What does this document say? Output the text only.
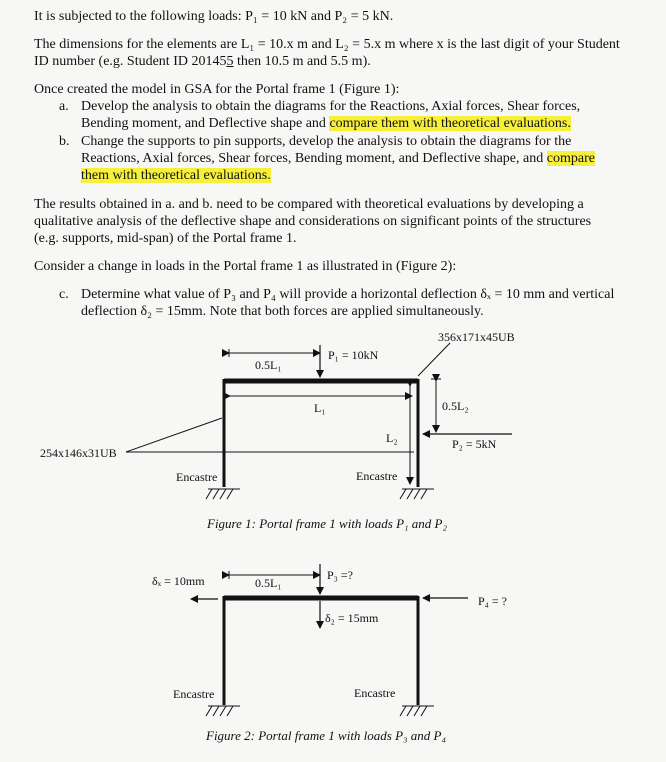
It is subjected to the following loads: P₁ = 10 kN and P₂ = 5 kN.
The dimensions for the elements are L₁ = 10.x m and L₂ = 5.x m where x is the last digit of your Student
ID number (e.g. Student ID 201455 then 10.5 m and 5.5 m).
Once created the model in GSA for the Portal frame 1 (Figure 1):
a. Develop the analysis to obtain the diagrams for the Reactions, Axial forces, Shear forces,
Bending moment, and Deflective shape and compare them with theoretical evaluations.
b. Change the supports to pin supports, develop the analysis to obtain the diagrams for the
Reactions, Axial forces, Shear forces, Bending moment, and Deflective shape, and compare
them with theoretical evaluations.
The results obtained in a. and b. need to be compared with theoretical evaluations by developing a
qualitative analysis of the deflective shape and considerations on significant points of the structures
(e.g. supports, mid-span) of the Portal frame 1.
Consider a change in loads in the Portal frame 1 as illustrated in (Figure 2):
c. Determine what value of P₃ and P₄ will provide a horizontal deflection δₓ = 10 mm and vertical
deflection δ₂ = 15mm. Note that both forces are applied simultaneously.
356x171x45UB
0.5L₁
P₁ = 10kN
L₁	0.5L₂
L₂	P₂ = 5kN
254x146x31UB
Encastre	Encastre
Figure 1: Portal frame 1 with loads P₁ and P₂
δₓ = 10mm	0.5L₁
P₃ =?
P₄ = ?
δ₂ = 15mm
Encastre	Encastre
Figure 2: Portal frame 1 with loads P₃ and P₄
